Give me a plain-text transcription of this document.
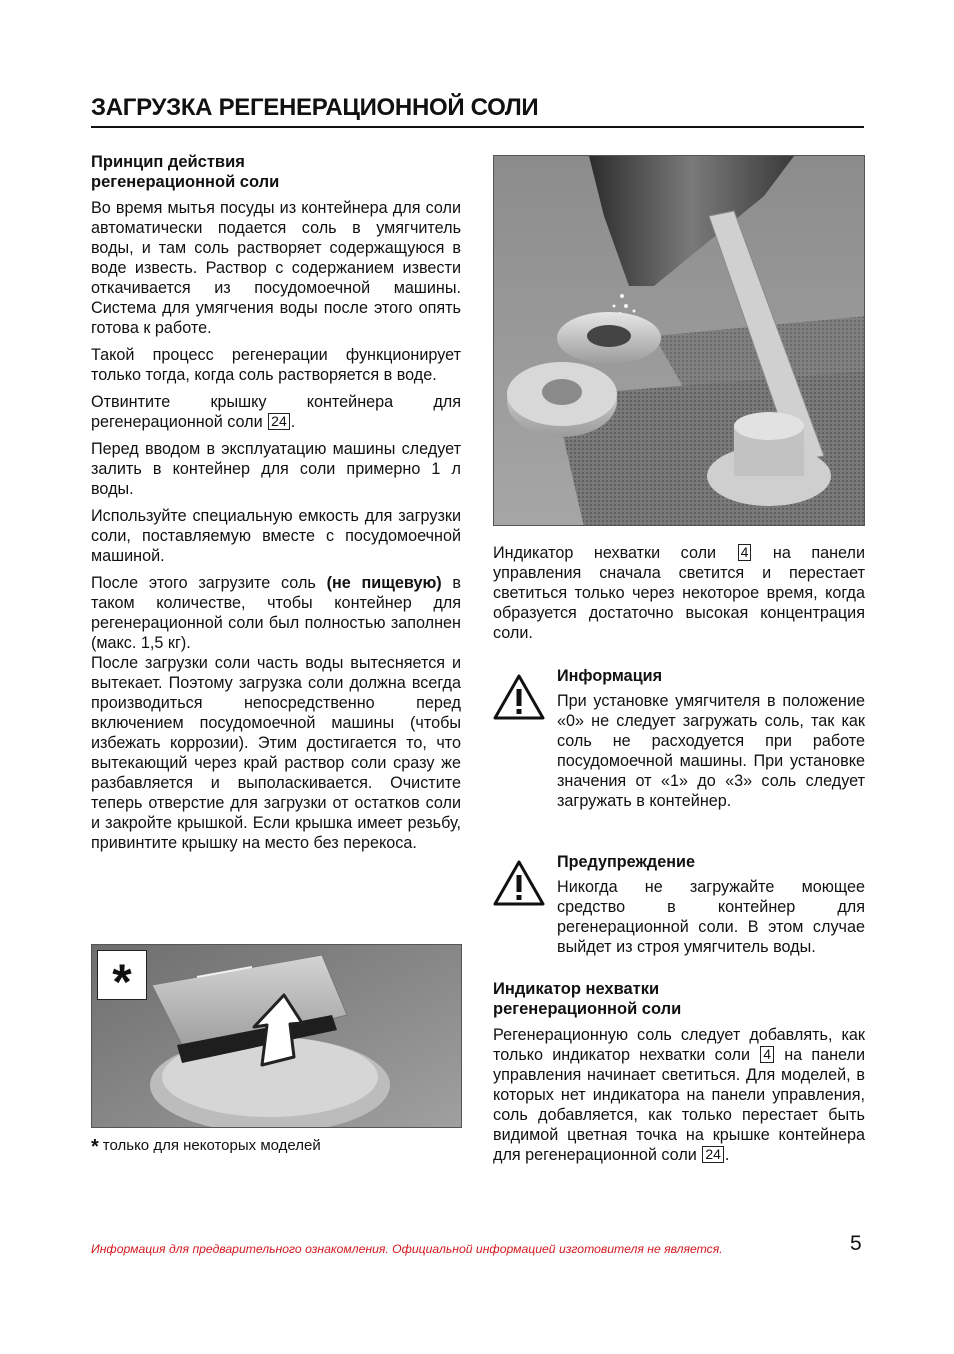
ЗАГРУЗКА РЕГЕНЕРАЦИОННОЙ СОЛИ
Принцип действия
регенерационной соли

Во время мытья посуды из контейнера для соли автоматически подается соль в умягчитель воды, и там соль растворяет содержащуюся в воде известь. Раствор с содержанием извести откачивается из посудомоечной машины. Система для умягчения воды после этого опять готова к работе.

Такой процесс регенерации функционирует только тогда, когда соль растворяется в воде.

Отвинтите крышку контейнера для регенерационной соли 24 .

Перед вводом в эксплуатацию машины следует залить в контейнер для соли примерно 1 л воды.

Используйте специальную емкость для загрузки соли, поставляемую вместе с посудомоечной машиной.

После этого загрузите соль (не пищевую) в таком количестве, чтобы контейнер для регенерационной соли был полностью заполнен (макс. 1,5 кг).

После загрузки соли часть воды вытесняется и вытекает. Поэтому загрузка соли должна всегда производиться непосредственно перед включением посудомоечной машины (чтобы избежать коррозии). Этим достигается то, что вытекающий через край раствор соли сразу же разбавляется и выполаскивается. Очистите теперь отверстие для загрузки от остатков соли и закройте крышкой. Если крышка имеет резьбу, привинтите крышку на место без перекоса.

Индикатор нехватки соли 4 на панели управления сначала светится и перестает светиться только через некоторое время, когда образуется достаточно высокая концентрация соли.

Информация
При установке умягчителя в положение «0» не следует загружать соль, так как соль не расходуется при работе посудомоечной машины. При установке значения от «1» до «3» соль следует загружать в контейнер.
Предупреждение
Никогда не загружайте моющее средство в контейнер для регенерационной соли. В этом случае выйдет из строя умягчитель воды.
Индикатор нехватки
регенерационной соли

Регенерационную соль следует добавлять, как только индикатор нехватки соли 4 на панели управления начинает светиться. Для моделей, в которых нет индикатора на панели управления, соль добавляется, как только перестает быть видимой цветная точка на крышке контейнера для регенерационной соли 24 .

*
* только для некоторых моделей
Информация для предварительного ознакомления. Официальной информацией изготовителя не является.	5
